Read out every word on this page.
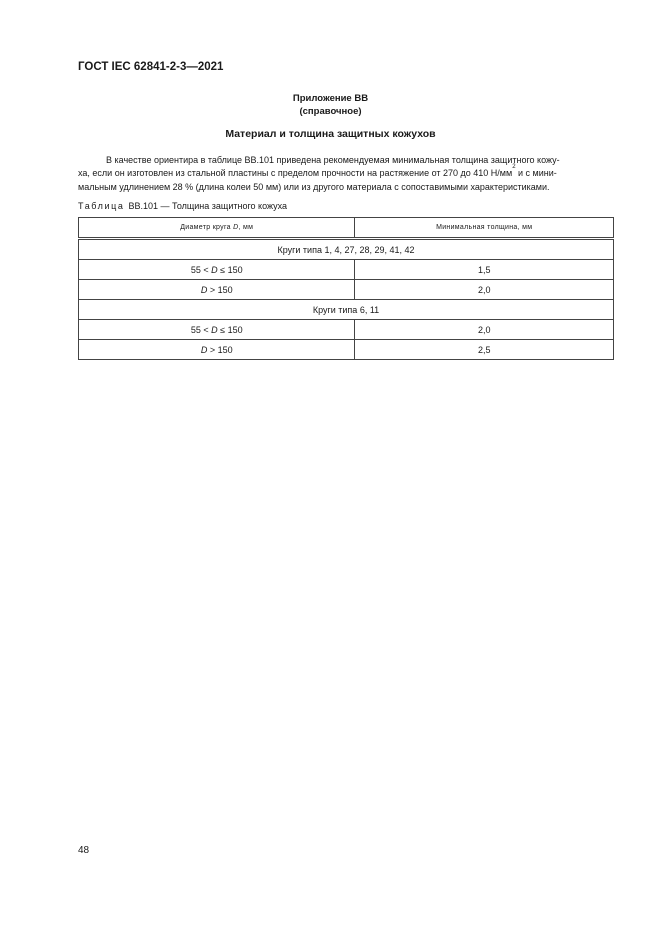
ГОСТ IEC 62841-2-3—2021
Приложение ВВ
(справочное)
Материал и толщина защитных кожухов
В качестве ориентира в таблице ВВ.101 приведена рекомендуемая минимальная толщина защитного кожу-
ха, если он изготовлен из стальной пластины с пределом прочности на растяжение от 270 до 410 $Н/мм^2$ и с мини-
мальным удлинением 28 % (длина колеи 50 мм) или из другого материала с сопоставимыми характеристиками.
Таблица ВВ.101 — Толщина защитного кожуха
Диаметр круга D, мм	Минимальная толщина, мм
Круги типа 1, 4, 27, 28, 29, 41, 42	
55 < D ≤ 150	1,5
D > 150	2,0
Круги типа 6, 11	
55 < D ≤ 150	2,0
D > 150	2,5
48
